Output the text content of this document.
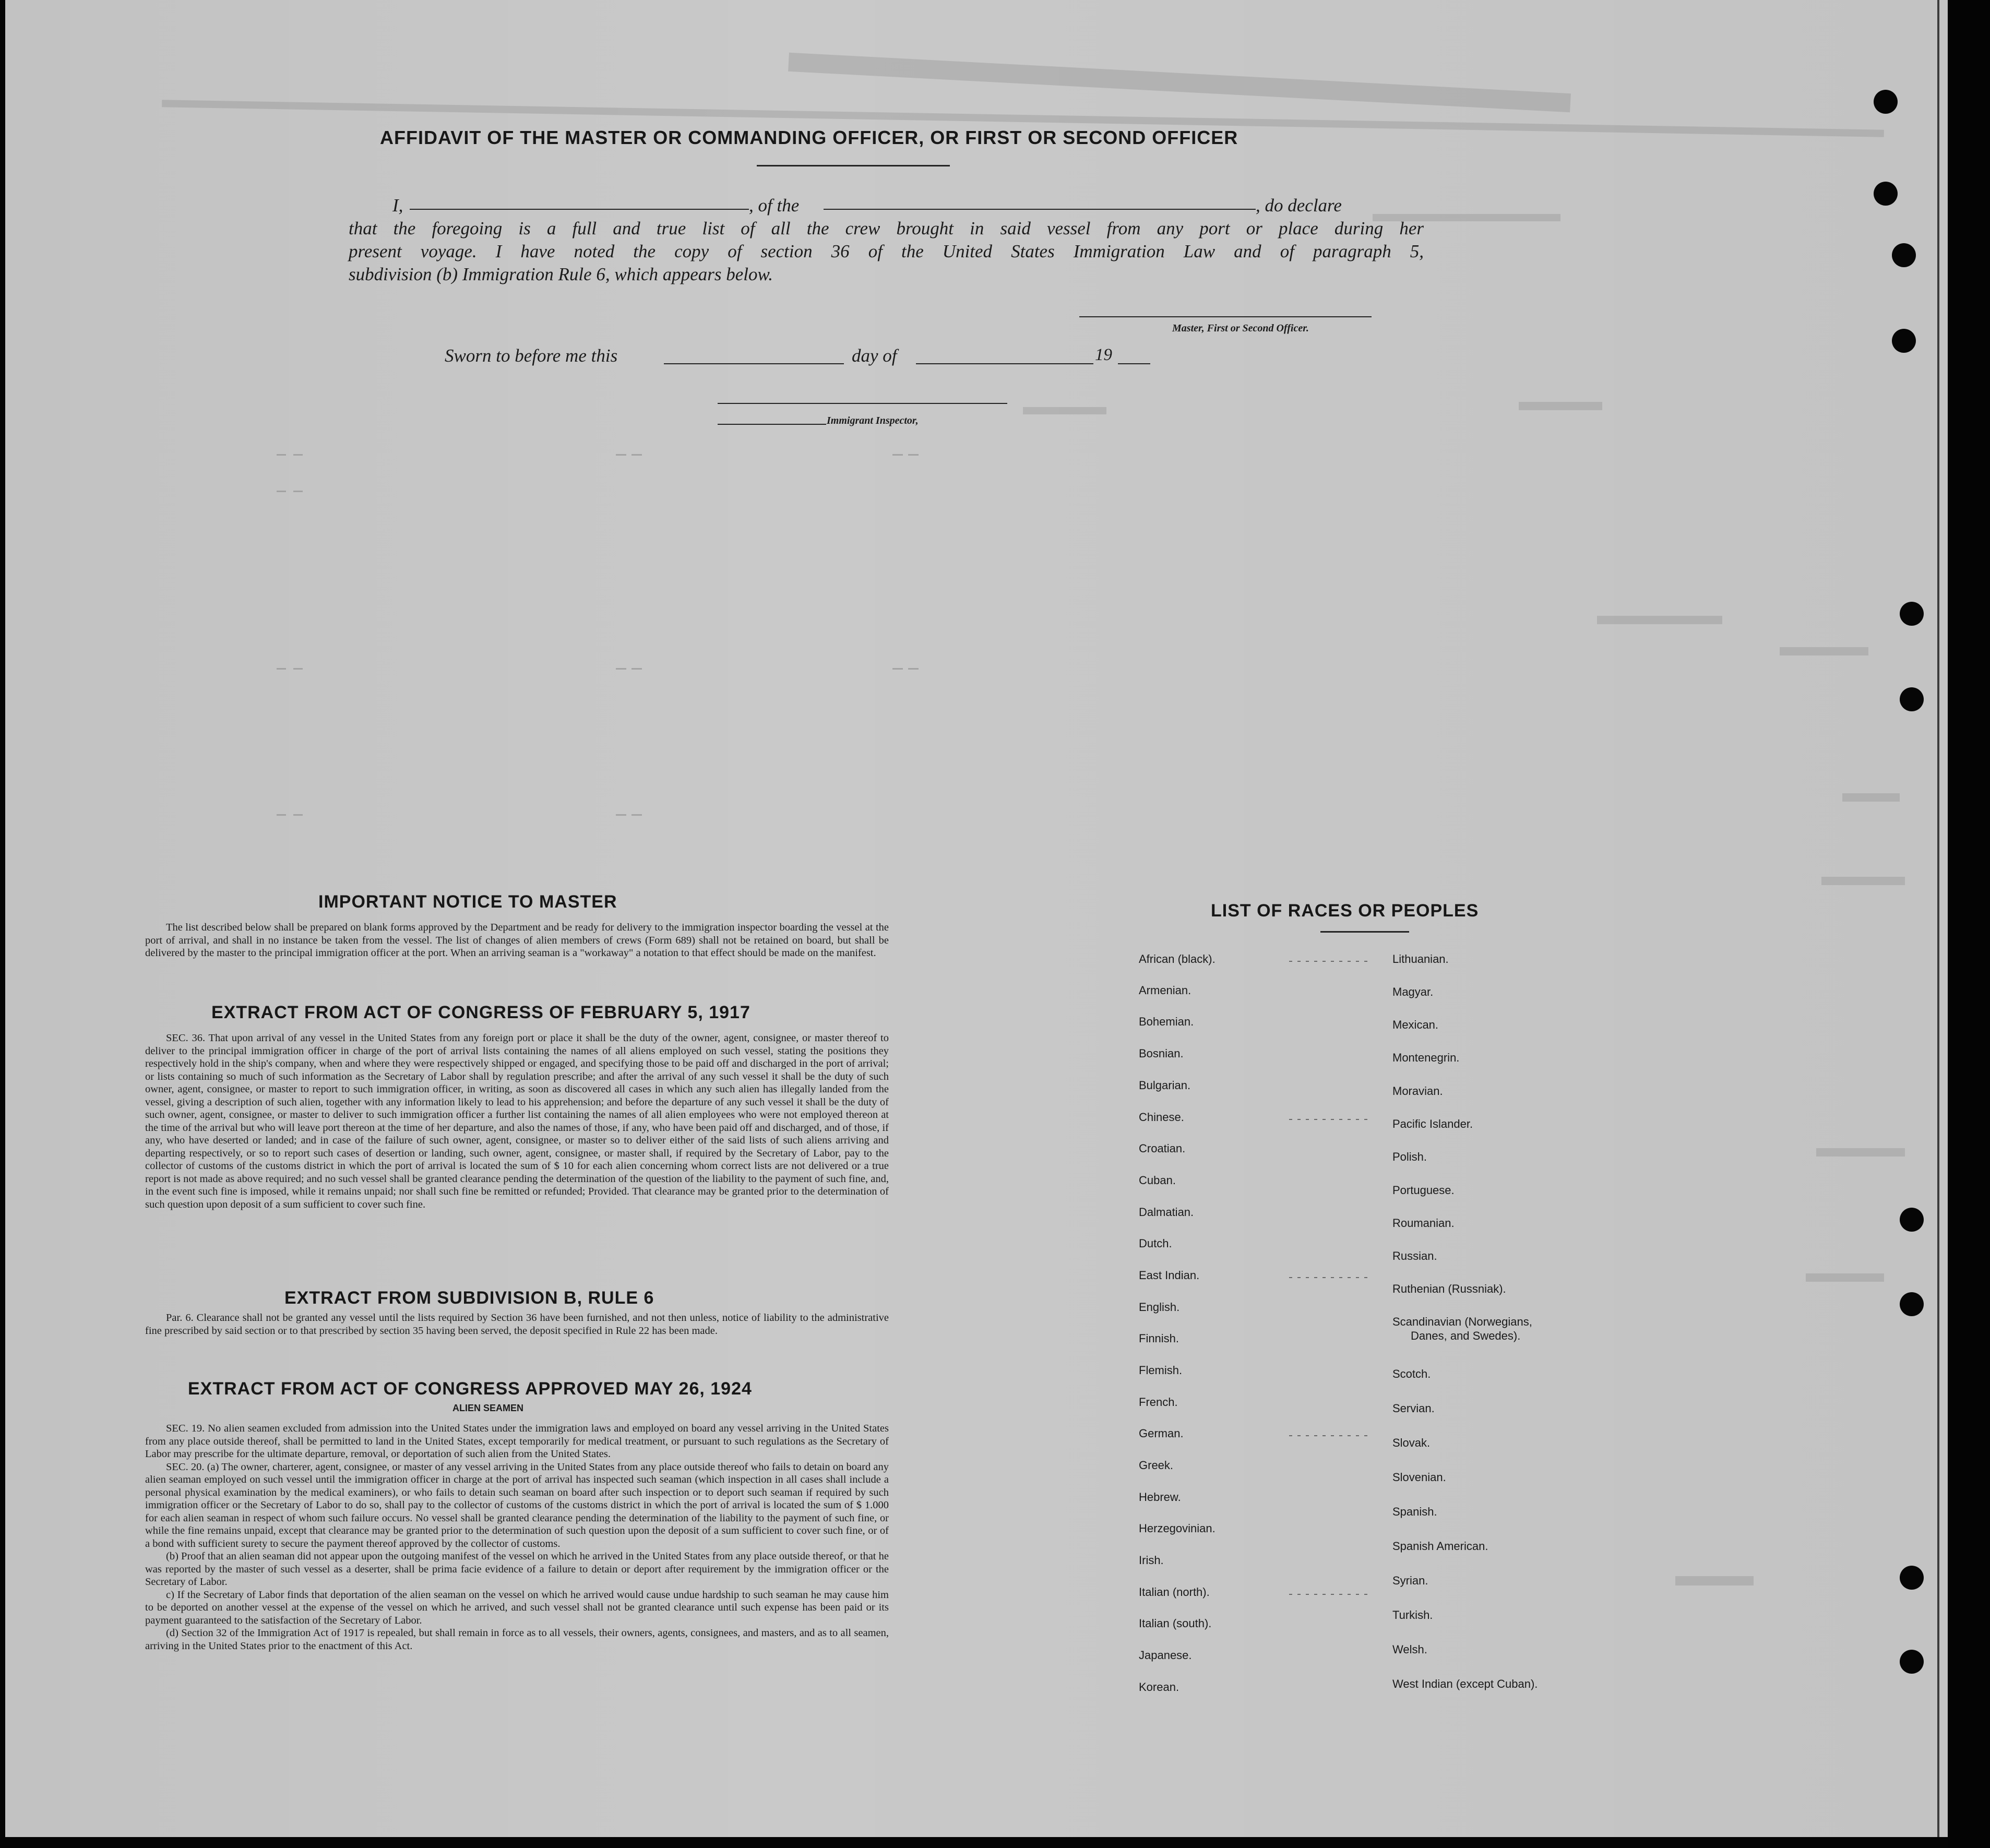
AFFIDAVIT OF THE MASTER OR COMMANDING OFFICER, OR FIRST OR SECOND OFFICER
I,	, of the	, do declare
that the foregoing is a full and true list of all the crew brought in said vessel from any port or place during her
present voyage. I have noted the copy of section 36 of the United States Immigration Law and of paragraph 5,
subdivision (b) Immigration Rule 6, which appears below.
Master, First or Second Officer.
Sworn to before me this	day of	19
Immigrant Inspector,
IMPORTANT NOTICE TO MASTER
The list described below shall be prepared on blank forms approved by the Department and be ready for delivery to the immigration inspector boarding the vessel at the port of arrival, and shall in no instance be taken from the vessel. The list of changes of alien members of crews (Form 689) shall not be retained on board, but shall be delivered by the master to the principal immigration officer at the port. When an arriving seaman is a "workaway" a notation to that effect should be made on the manifest.
EXTRACT FROM ACT OF CONGRESS OF FEBRUARY 5, 1917
SEC. 36. That upon arrival of any vessel in the United States from any foreign port or place it shall be the duty of the owner, agent, consignee, or master thereof to deliver to the principal immigration officer in charge of the port of arrival lists containing the names of all aliens employed on such vessel, stating the positions they respectively hold in the ship's company, when and where they were respectively shipped or engaged, and specifying those to be paid off and discharged in the port of arrival; or lists containing so much of such information as the Secretary of Labor shall by regulation prescribe; and after the arrival of any such vessel it shall be the duty of such owner, agent, consignee, or master to report to such immigration officer, in writing, as soon as discovered all cases in which any such alien has illegally landed from the vessel, giving a description of such alien, together with any information likely to lead to his apprehension; and before the departure of any such vessel it shall be the duty of such owner, agent, consignee, or master to deliver to such immigration officer a further list containing the names of all alien employees who were not employed thereon at the time of the arrival but who will leave port thereon at the time of her departure, and also the names of those, if any, who have been paid off and discharged, and of those, if any, who have deserted or landed; and in case of the failure of such owner, agent, consignee, or master so to deliver either of the said lists of such aliens arriving and departing respectively, or so to report such cases of desertion or landing, such owner, agent, consignee, or master shall, if required by the Secretary of Labor, pay to the collector of customs of the customs district in which the port of arrival is located the sum of $ 10 for each alien concerning whom correct lists are not delivered or a true report is not made as above required; and no such vessel shall be granted clearance pending the determination of the question of the liability to the payment of such fine, and, in the event such fine is imposed, while it remains unpaid; nor shall such fine be remitted or refunded; Provided. That clearance may be granted prior to the determination of such question upon deposit of a sum sufficient to cover such fine.
EXTRACT FROM SUBDIVISION B, RULE 6
Par. 6. Clearance shall not be granted any vessel until the lists required by Section 36 have been furnished, and not then unless, notice of liability to the administrative fine prescribed by said section or to that prescribed by section 35 having been served, the deposit specified in Rule 22 has been made.
EXTRACT FROM ACT OF CONGRESS APPROVED MAY 26, 1924
ALIEN SEAMEN

SEC. 19. No alien seamen excluded from admission into the United States under the immigration laws and employed on board any vessel arriving in the United States from any place outside thereof, shall be permitted to land in the United States, except temporarily for medical treatment, or pursuant to such regulations as the Secretary of Labor may prescribe for the ultimate departure, removal, or deportation of such alien from the United States.

SEC. 20. (a) The owner, charterer, agent, consignee, or master of any vessel arriving in the United States from any place outside thereof who fails to detain on board any alien seaman employed on such vessel until the immigration officer in charge at the port of arrival has inspected such seaman (which inspection in all cases shall include a personal physical examination by the medical examiners), or who fails to detain such seaman on board after such inspection or to deport such seaman if required by such immigration officer or the Secretary of Labor to do so, shall pay to the collector of customs of the customs district in which the port of arrival is located the sum of $ 1.000 for each alien seaman in respect of whom such failure occurs. No vessel shall be granted clearance pending the determination of the liability to the payment of such fine, or while the fine remains unpaid, except that clearance may be granted prior to the determination of such question upon the deposit of a sum sufficient to cover such fine, or of a bond with sufficient surety to secure the payment thereof approved by the collector of customs.

(b) Proof that an alien seaman did not appear upon the outgoing manifest of the vessel on which he arrived in the United States from any place outside thereof, or that he was reported by the master of such vessel as a deserter, shall be prima facie evidence of a failure to detain or deport after requirement by the immigration officer or the Secretary of Labor.

c) If the Secretary of Labor finds that deportation of the alien seaman on the vessel on which he arrived would cause undue hardship to such seaman he may cause him to be deported on another vessel at the expense of the vessel on which he arrived, and such vessel shall not be granted clearance until such expense has been paid or its payment guaranteed to the satisfaction of the Secretary of Labor.

(d) Section 32 of the Immigration Act of 1917 is repealed, but shall remain in force as to all vessels, their owners, agents, consignees, and masters, and as to all seamen, arriving in the United States prior to the enactment of this Act.

LIST OF RACES OR PEOPLES
African (black).
Armenian.
Bohemian.
Bosnian.
Bulgarian.
Chinese.
Croatian.
Cuban.
Dalmatian.
Dutch.
East Indian.
English.
Finnish.
Flemish.
French.
German.
Greek.
Hebrew.
Herzegovinian.
Irish.
Italian (north).
Italian (south).
Japanese.
Korean.
Lithuanian.
Magyar.
Mexican.
Montenegrin.
Moravian.
Pacific Islander.
Polish.
Portuguese.
Roumanian.
Russian.
Ruthenian (Russniak).
Scandinavian (Norwegians,
Danes, and Swedes).
Scotch.
Servian.
Slovak.
Slovenian.
Spanish.
Spanish American.
Syrian.
Turkish.
Welsh.
West Indian (except Cuban).
